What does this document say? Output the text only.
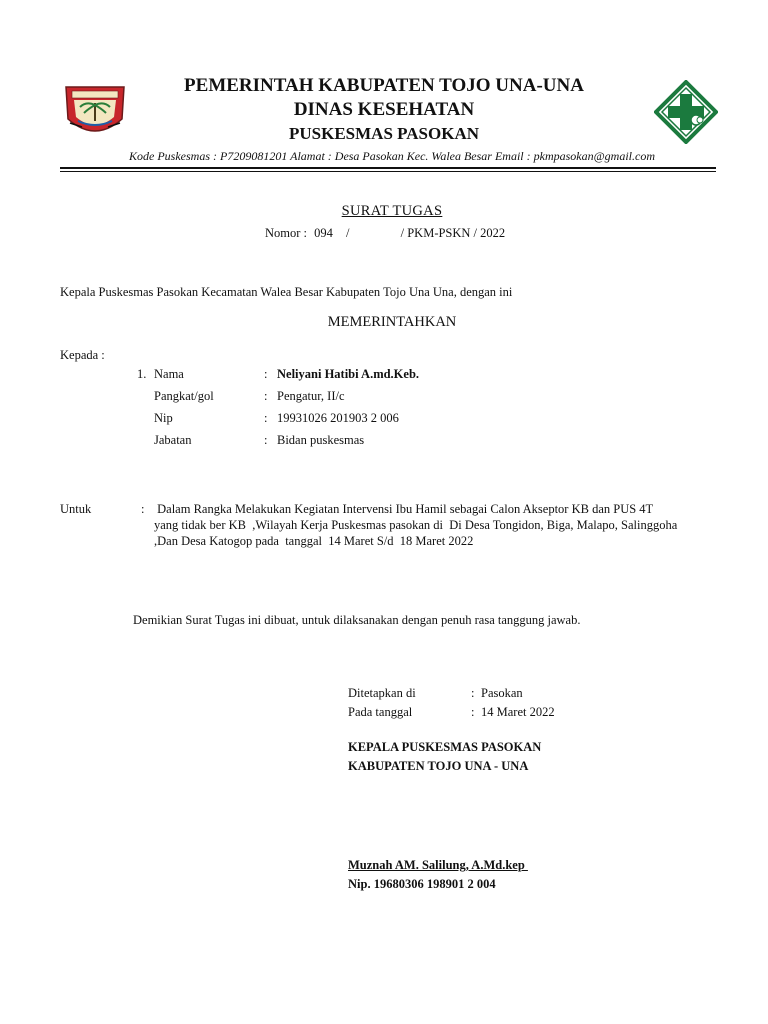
PEMERINTAH KABUPATEN TOJO UNA-UNA
DINAS KESEHATAN
PUSKESMAS PASOKAN
Kode Puskesmas : P7209081201 Alamat : Desa Pasokan Kec. Walea Besar Email : pkmpasokan@gmail.com
SURAT TUGAS
Nomor : 094 /	/ PKM-PSKN / 2022
Kepala Puskesmas Pasokan Kecamatan Walea Besar Kabupaten Tojo Una Una, dengan ini
MEMERINTAHKAN
Kepada :
1. Nama	: Neliyani Hatibi A.md.Keb.
Pangkat/gol	: Pengatur, II/c
Nip	: 19931026 201903 2 006
Jabatan	: Bidan puskesmas
Untuk	: Dalam Rangka Melakukan Kegiatan Intervensi Ibu Hamil sebagai Calon Akseptor KB dan PUS 4T
yang tidak ber KB  ,Wilayah Kerja Puskesmas pasokan di  Di Desa Tongidon, Biga, Malapo, Salinggoha
,Dan Desa Katogop pada  tanggal  14 Maret S/d  18 Maret 2022
Demikian Surat Tugas ini dibuat, untuk dilaksanakan dengan penuh rasa tanggung jawab.
Ditetapkan di	: Pasokan
Pada tanggal	: 14 Maret 2022
KEPALA PUSKESMAS PASOKAN
KABUPATEN TOJO UNA - UNA
Muznah AM. Salilung, A.Md.kep
Nip. 19680306 198901 2 004
